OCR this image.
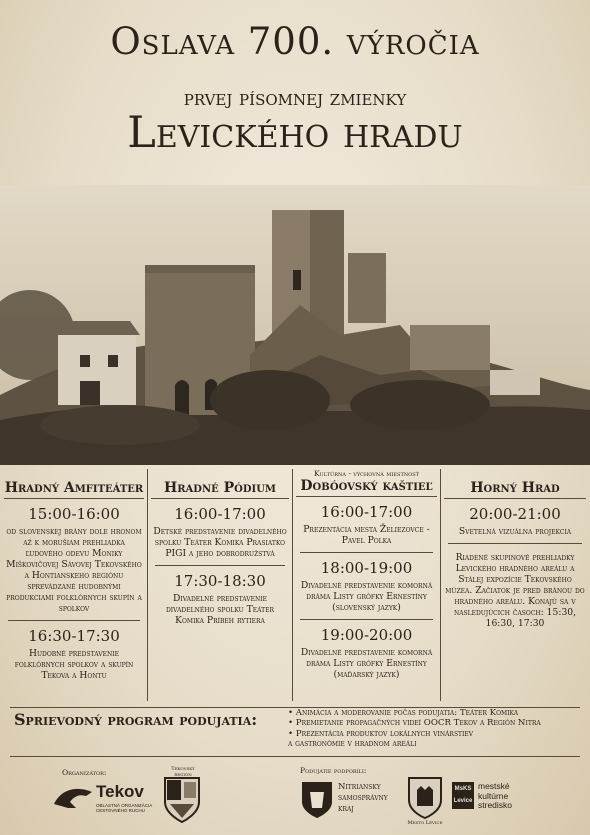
Oslava 700. výročia
prvej písomnej zmienky
Levického hradu
Hradný Amfiteáter
15:00-16:00
od slovenskej brány dole hronom až k morušiam prehliadka ľudového odevu Moniky Miškovičovej Sávovej Tekovského a Hontianskeho regiónu sprevádzané hudobnými produkciami folklórnych skupín a spolkov
16:30-17:30
Hudobné predstavenie folklórnych spolkov a skupín Tekova a Hontu
Hradné Pódium
16:00-17:00
Detské predstavenie divadelného spolku Teáter Komika Prasiatko PIGI a jeho dobrodružstvá
17:30-18:30
Divadelné predstavenie divadelného spolku Teáter Komika Príbeh rytiera
Kultúrna - výchovná miestnosť
Dobóovský kaštieľ
16:00-17:00
Prezentácia mesta Želiezovce - Pavel Polka
18:00-19:00
Divadelné predstavenie komorná dráma Listy grófky Ernestíny (slovenský jazyk)
19:00-20:00
Divadelné predstavenie komorná dráma Listy grófky Ernestíny (maďarský jazyk)
Horný Hrad
20:00-21:00
Svetelná vizuálna projekcia
Riadené skupinové prehliadky Levického hradného areálu a Stálej expozície Tekovského múzea. Začiatok je pred bránou do hradného areálu. Konajú sa v nasledujúcich časoch: 15:30, 16:30, 17:30
Sprievodný program podujatia:	• Animácia a moderovanie počas podujatia: Teáter Komika
• Premietanie propagačných videí OOCR Tekov a Región Nitra
• Prezentácia produktov lokálnych vinárstiev
a gastronómie v hradnom areáli
Organizátor:	Podujatie podporili:
Tekov
OBLASTNÁ ORGANIZÁCIA CESTOVNÉHO RUCHU
Tekovský región
Nitriansky samosprávny kraj
Mesto Levice
MsKS Levice
mestské kultúrne stredisko
